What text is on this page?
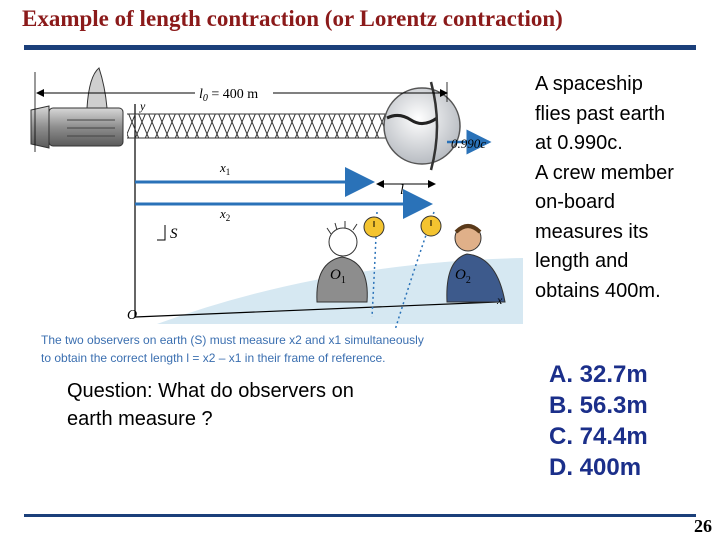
Example of length contraction (or Lorentz contraction)
$l_0 = 400$ m
y
0.990c
$x_1$
l
$x_2$
S
$O_1$	$O_2$
O
x
The two observers on earth (S) must measure x2 and x1 simultaneously
to obtain the correct length l = x2 – x1 in their frame of reference.
A spaceship
flies past earth
at 0.990c.
A crew member
on-board
measures its
length and
obtains 400m.
Question: What do observers on earth measure ?
A. 32.7m
B. 56.3m
C. 74.4m
D. 400m
26
